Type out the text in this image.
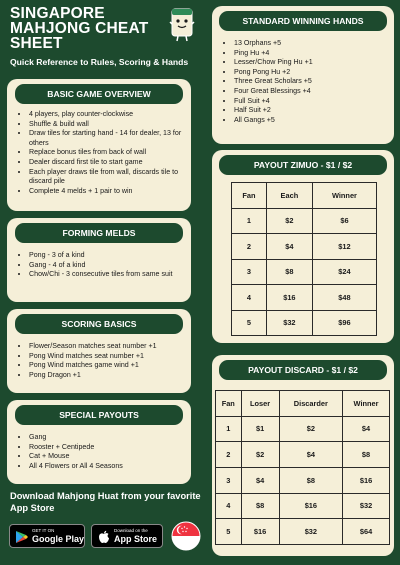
SINGAPORE
MAHJONG CHEAT
SHEET
Quick Reference to Rules, Scoring & Hands
BASIC GAME OVERVIEW
• 4 players, play counter-clockwise
• Shuffle & build wall
• Draw tiles for starting hand - 14 for dealer, 13 for others
• Replace bonus tiles from back of wall
• Dealer discard first tile to start game
• Each player draws tile from wall, discards tile to discard pile
• Complete 4 melds + 1 pair to win
FORMING MELDS
• Pong - 3 of a kind
• Gang - 4 of a kind
• Chow/Chi - 3 consecutive tiles from same suit
SCORING BASICS
• Flower/Season matches seat number +1
• Pong Wind matches seat number +1
• Pong Wind matches game wind +1
• Pong Dragon +1
SPECIAL PAYOUTS
• Gang
• Rooster + Centipede
• Cat + Mouse
• All 4 Flowers or All 4 Seasons
STANDARD WINNING HANDS
• 13 Orphans +5
• Ping Hu +4
• Lesser/Chow Ping Hu +1
• Pong Pong Hu +2
• Three Great Scholars +5
• Four Great Blessings +4
• Full Suit +4
• Half Suit +2
• All Gangs +5
PAYOUT ZIMUO - $1 / $2
Fan	Each	Winner
1	$2	$6
2	$4	$12
3	$8	$24
4	$16	$48
5	$32	$96
PAYOUT DISCARD - $1 / $2
Fan	Loser	Discarder	Winner
1	$1	$2	$4
2	$2	$4	$8
3	$4	$8	$16
4	$8	$16	$32
5	$16	$32	$64
Download Mahjong Huat from your favorite App Store
GET IT ON
Google Play
Download on the
App Store
